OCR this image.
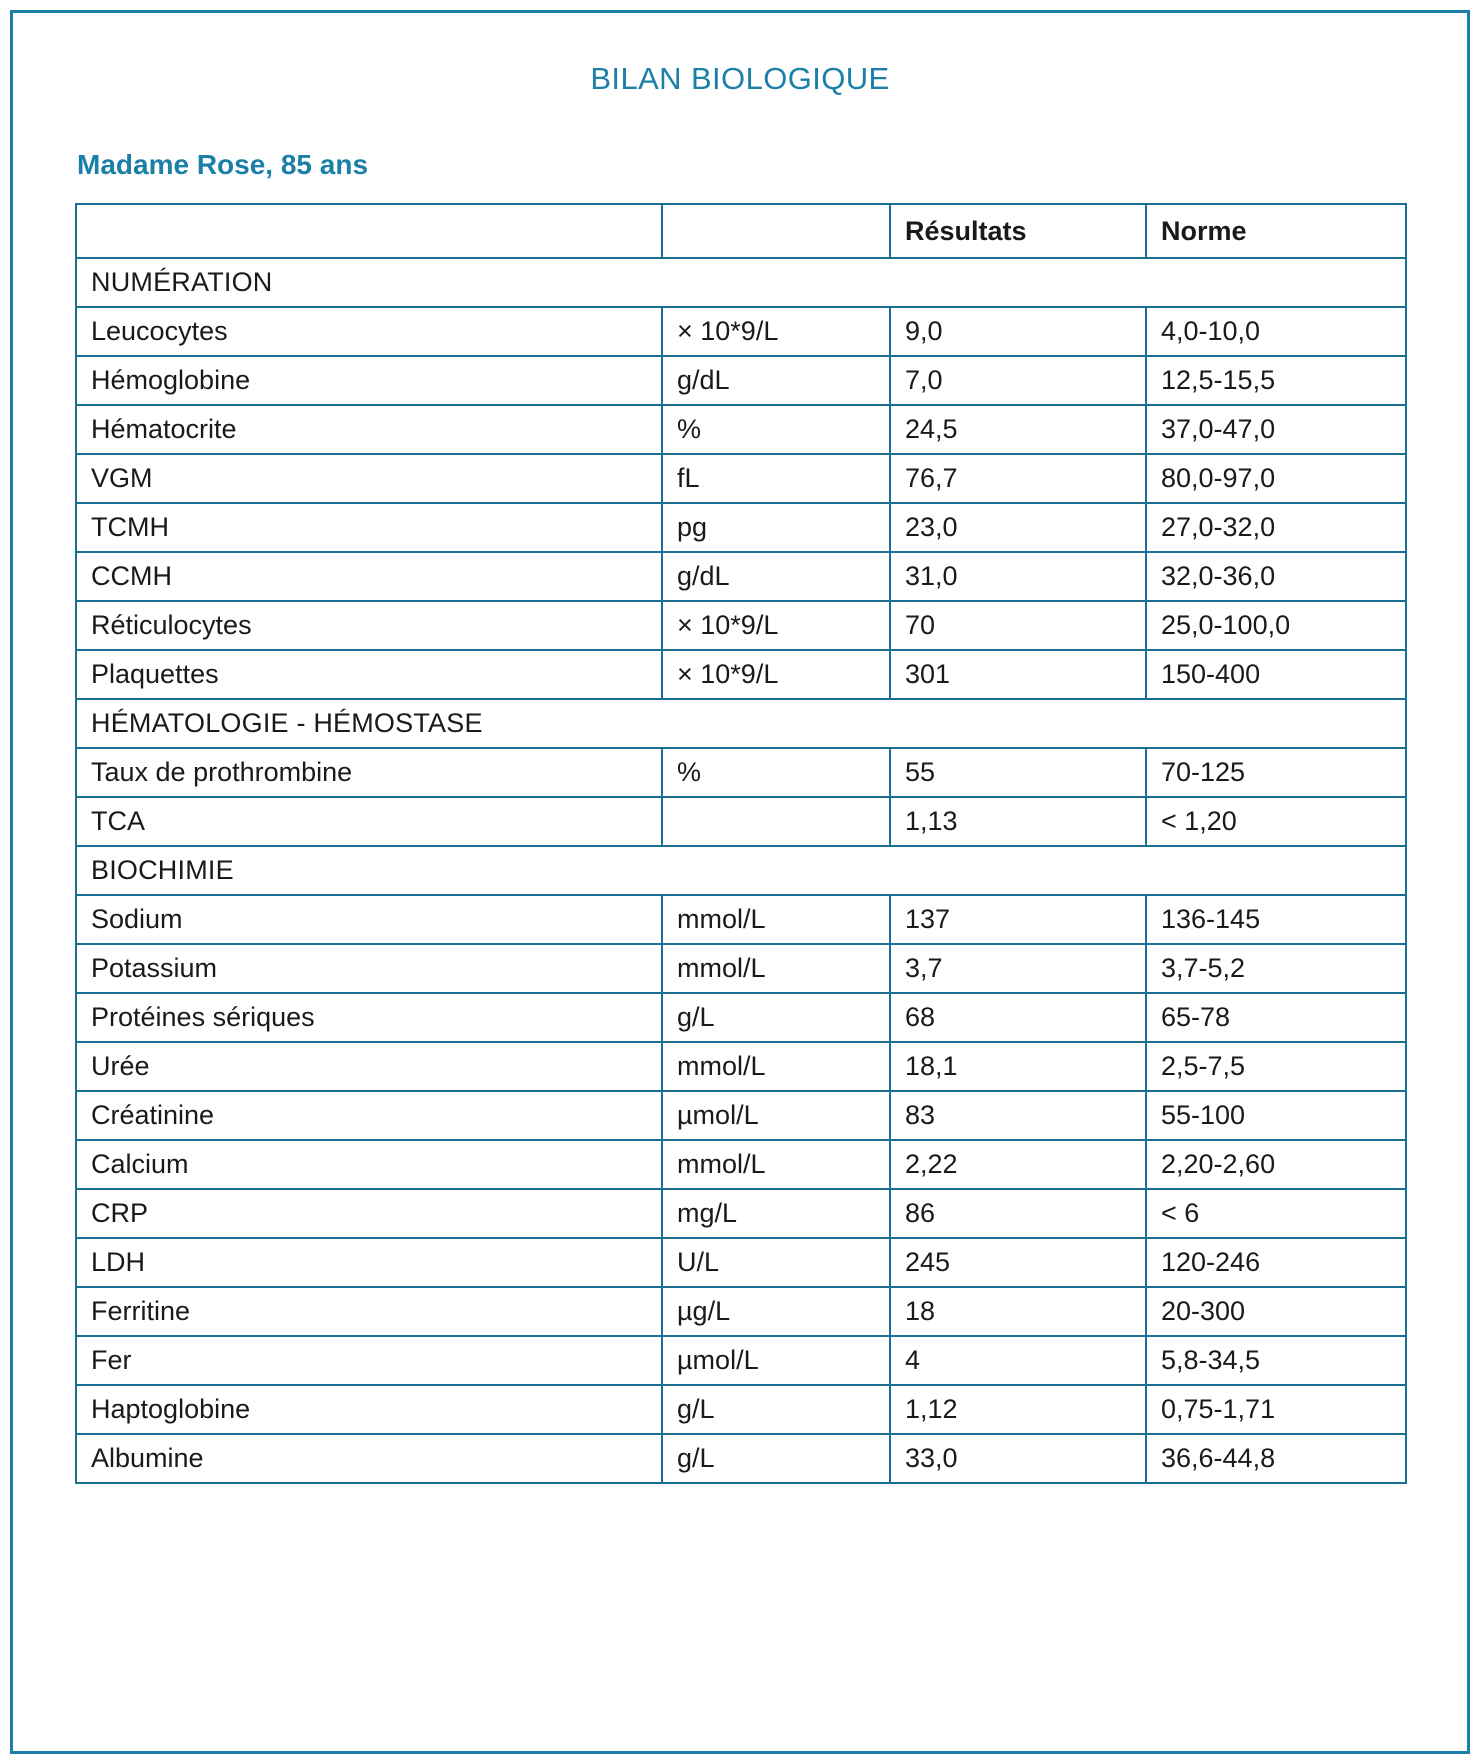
BILAN BIOLOGIQUE
Madame Rose, 85 ans
		Résultats	Norme
NUMÉRATION			
Leucocytes	× 10*9/L	9,0	4,0-10,0
Hémoglobine	g/dL	7,0	12,5-15,5
Hématocrite	%	24,5	37,0-47,0
VGM	fL	76,7	80,0-97,0
TCMH	pg	23,0	27,0-32,0
CCMH	g/dL	31,0	32,0-36,0
Réticulocytes	× 10*9/L	70	25,0-100,0
Plaquettes	× 10*9/L	301	150-400
HÉMATOLOGIE - HÉMOSTASE			
Taux de prothrombine	%	55	70-125
TCA		1,13	< 1,20
BIOCHIMIE			
Sodium	mmol/L	137	136-145
Potassium	mmol/L	3,7	3,7-5,2
Protéines sériques	g/L	68	65-78
Urée	mmol/L	18,1	2,5-7,5
Créatinine	µmol/L	83	55-100
Calcium	mmol/L	2,22	2,20-2,60
CRP	mg/L	86	< 6
LDH	U/L	245	120-246
Ferritine	µg/L	18	20-300
Fer	µmol/L	4	5,8-34,5
Haptoglobine	g/L	1,12	0,75-1,71
Albumine	g/L	33,0	36,6-44,8
